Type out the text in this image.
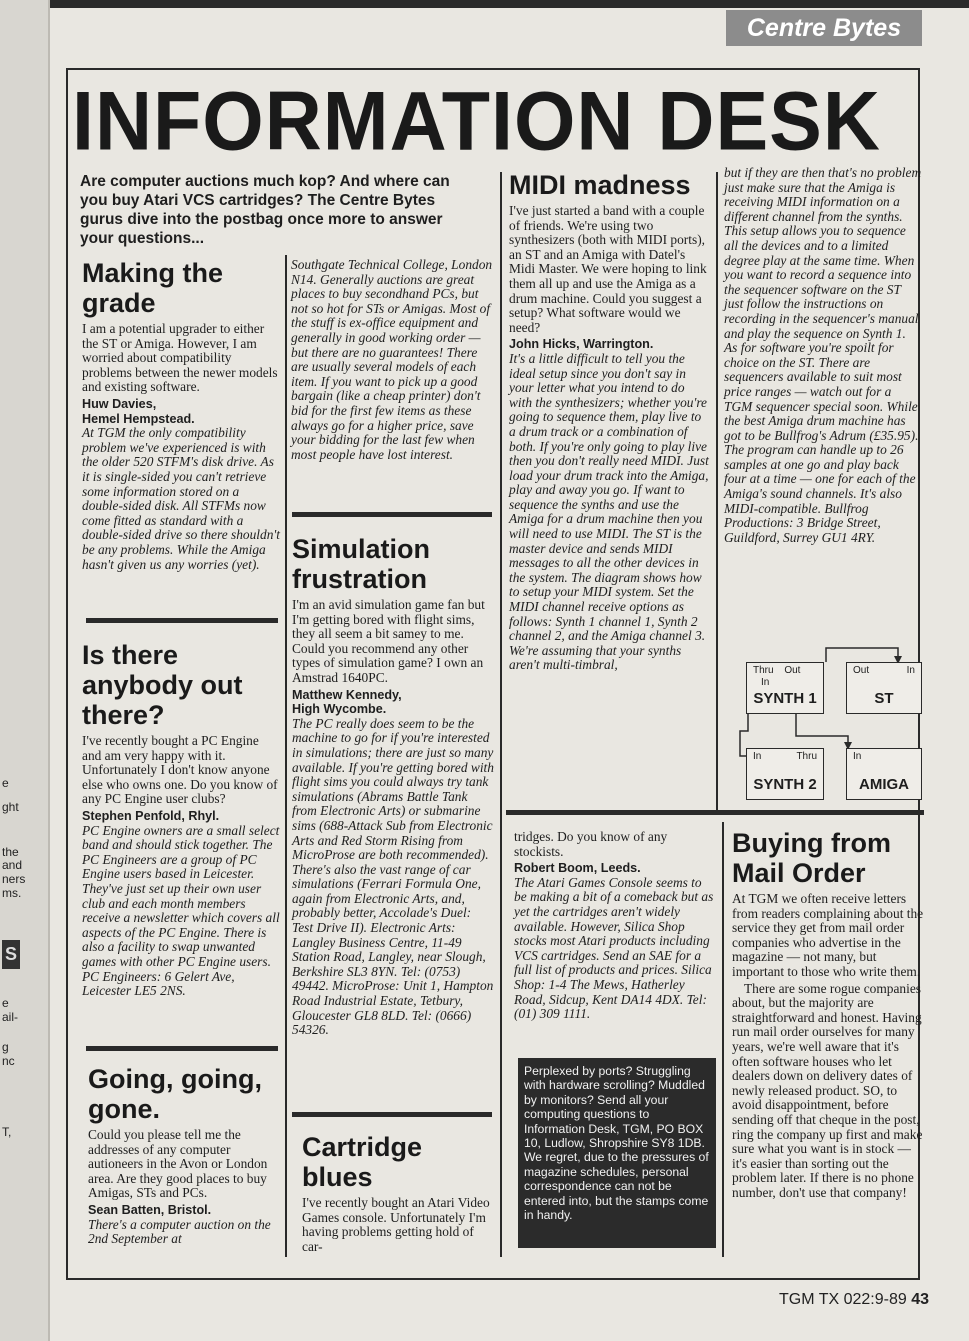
e
ght
the
and
ners
ms.
S
e
ail-
g
nc
T,
Centre Bytes
INFORMATION DESK
Are computer auctions much kop? And where can you buy Atari VCS cartridges? The Centre Bytes gurus dive into the postbag once more to answer your questions...
Making the grade

I am a potential upgrader to either the ST or Amiga. However, I am worried about compatibility problems between the newer models and existing software.

Huw Davies,
Hemel Hempstead.

At TGM the only compatibility problem we've experienced is with the older 520 STFM's disk drive. As it is single-sided you can't retrieve some information stored on a double-sided disk. All STFMs now come fitted as standard with a double-sided drive so there shouldn't be any problems. While the Amiga hasn't given us any worries (yet).

Is there anybody out there?

I've recently bought a PC Engine and am very happy with it. Unfortunately I don't know anyone else who owns one. Do you know of any PC Engine user clubs?

Stephen Penfold, Rhyl.

PC Engine owners are a small select band and should stick together. The PC Engineers are a group of PC Engine users based in Leicester. They've just set up their own user club and each month members receive a newsletter which covers all aspects of the PC Engine. There is also a facility to swap unwanted games with other PC Engine users. PC Engineers: 6 Gelert Ave, Leicester LE5 2NS.

Going, going, gone.

Could you please tell me the addresses of any computer autioneers in the Avon or London area. Are they good places to buy Amigas, STs and PCs.

Sean Batten, Bristol.

There's a computer auction on the 2nd September at

Southgate Technical College, London N14. Generally auctions are great places to buy secondhand PCs, but not so hot for STs or Amigas. Most of the stuff is ex-office equipment and generally in good working order — but there are no guarantees! There are usually several models of each item. If you want to pick up a good bargain (like a cheap printer) don't bid for the first few items as these always go for a higher price, save your bidding for the last few when most people have lost interest.

Simulation frustration

I'm an avid simulation game fan but I'm getting bored with flight sims, they all seem a bit samey to me. Could you recommend any other types of simulation game? I own an Amstrad 1640PC.

Matthew Kennedy,
High Wycombe.

The PC really does seem to be the machine to go for if you're interested in simulations; there are just so many available. If you're getting bored with flight sims you could always try tank simulations (Abrams Battle Tank from Electronic Arts) or submarine sims (688-Attack Sub from Electronic Arts and Red Storm Rising from MicroProse are both recommended). There's also the vast range of car simulations (Ferrari Formula One, again from Electronic Arts, and, probably better, Accolade's Duel: Test Drive II). Electronic Arts: Langley Business Centre, 11-49 Station Road, Langley, near Slough, Berkshire SL3 8YN. Tel: (0753) 49442. MicroProse: Unit 1, Hampton Road Industrial Estate, Tetbury, Gloucester GL8 8LD. Tel: (0666) 54326.

Cartridge blues

I've recently bought an Atari Video Games console. Unfortunately I'm having problems getting hold of car-

MIDI madness

I've just started a band with a couple of friends. We're using two synthesizers (both with MIDI ports), an ST and an Amiga with Datel's Midi Master. We were hoping to link them all up and use the Amiga as a drum machine. Could you suggest a setup? What software would we need?

John Hicks, Warrington.

It's a little difficult to tell you the ideal setup since you don't say in your letter what you intend to do with the synthesizers; whether you're going to sequence them, play live to a drum track or a combination of both. If you're only going to play live then you don't really need MIDI. Just load your drum track into the Amiga, play and away you go. If want to sequence the synths and use the Amiga for a drum machine then you will need to use MIDI. The ST is the master device and sends MIDI messages to all the other devices in the system. The diagram shows how to setup your MIDI system. Set the MIDI channel receive options as follows: Synth 1 channel 1, Synth 2 channel 2, and the Amiga channel 3. We're assuming that your synths aren't multi-timbral,

tridges. Do you know of any stockists.

Robert Boom, Leeds.

The Atari Games Console seems to be making a bit of a comeback but as yet the cartridges aren't widely available. However, Silica Shop stocks most Atari products including VCS cartridges. Send an SAE for a full list of products and prices. Silica Shop: 1-4 The Mews, Hatherley Road, Sidcup, Kent DA14 4DX. Tel: (01) 309 1111.

Perplexed by ports? Struggling with hardware scrolling? Muddled by monitors? Send all your computing questions to Information Desk, TGM, PO BOX 10, Ludlow, Shropshire SY8 1DB. We regret, due to the pressures of magazine schedules, personal correspondence can not be entered into, but the stamps come in handy.

but if they are then that's no problem just make sure that the Amiga is receiving MIDI information on a different channel from the synths. This setup allows you to sequence all the devices and to a limited degree play at the same time. When you want to record a sequence into the sequencer software on the ST just follow the instructions on recording in the sequencer's manual and play the sequence on Synth 1. As for software you're spoilt for choice on the ST. There are sequencers available to suit most price ranges — watch out for a TGM sequencer special soon. While the best Amiga drum machine has got to be Bullfrog's Adrum (£35.95). The program can handle up to 26 samples at one go and play back four at a time — one for each of the Amiga's sound channels. It's also MIDI-compatible. Bullfrog Productions: 3 Bridge Street, Guildford, Surrey GU1 4RY.

Thru Out In
SYNTH 1
Out	In
ST
In	Thru
SYNTH 2
In
AMIGA
Buying from Mail Order

At TGM we often receive letters from readers complaining about the service they get from mail order companies who advertise in the magazine — not many, but important to those who write them.

There are some rogue companies about, but the majority are straightforward and honest. Having run mail order ourselves for many years, we're well aware that it's often software houses who let dealers down on delivery dates of newly released product. SO, to avoid disappointment, before sending off that cheque in the post, ring the company up first and make sure what you want is in stock — it's easier than sorting out the problem later. If there is no phone number, don't use that company!

TGM TX 022:9-89 43
